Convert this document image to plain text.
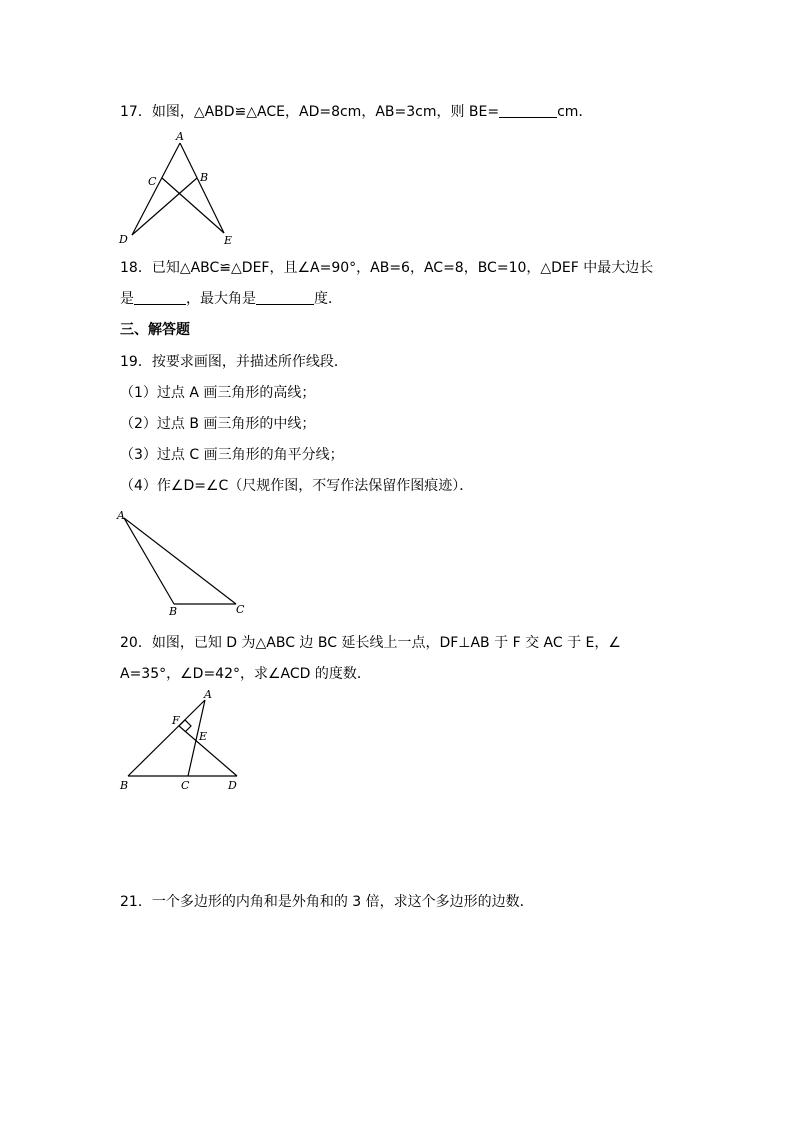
17．如图，△ABD≌△ACE，AD=8cm，AB=3cm，则 BE=	cm．
A
B
C
D	E
18．已知△ABC≌△DEF，且∠A=90°，AB=6，AC=8，BC=10，△DEF 中最大边长
是	，最大角是	度．
三、解答题
19．按要求画图，并描述所作线段．
（1）过点 A 画三角形的高线；
（2）过点 B 画三角形的中线；
（3）过点 C 画三角形的角平分线；
（4）作∠D=∠C（尺规作图，不写作法保留作图痕迹）．
A
B	C
20．如图，已知 D 为△ABC 边 BC 延长线上一点，DF⊥AB 于 F 交 AC 于 E，∠
A=35°，∠D=42°，求∠ACD 的度数．
A
F
E
B	C	D
21．一个多边形的内角和是外角和的 3 倍，求这个多边形的边数．
